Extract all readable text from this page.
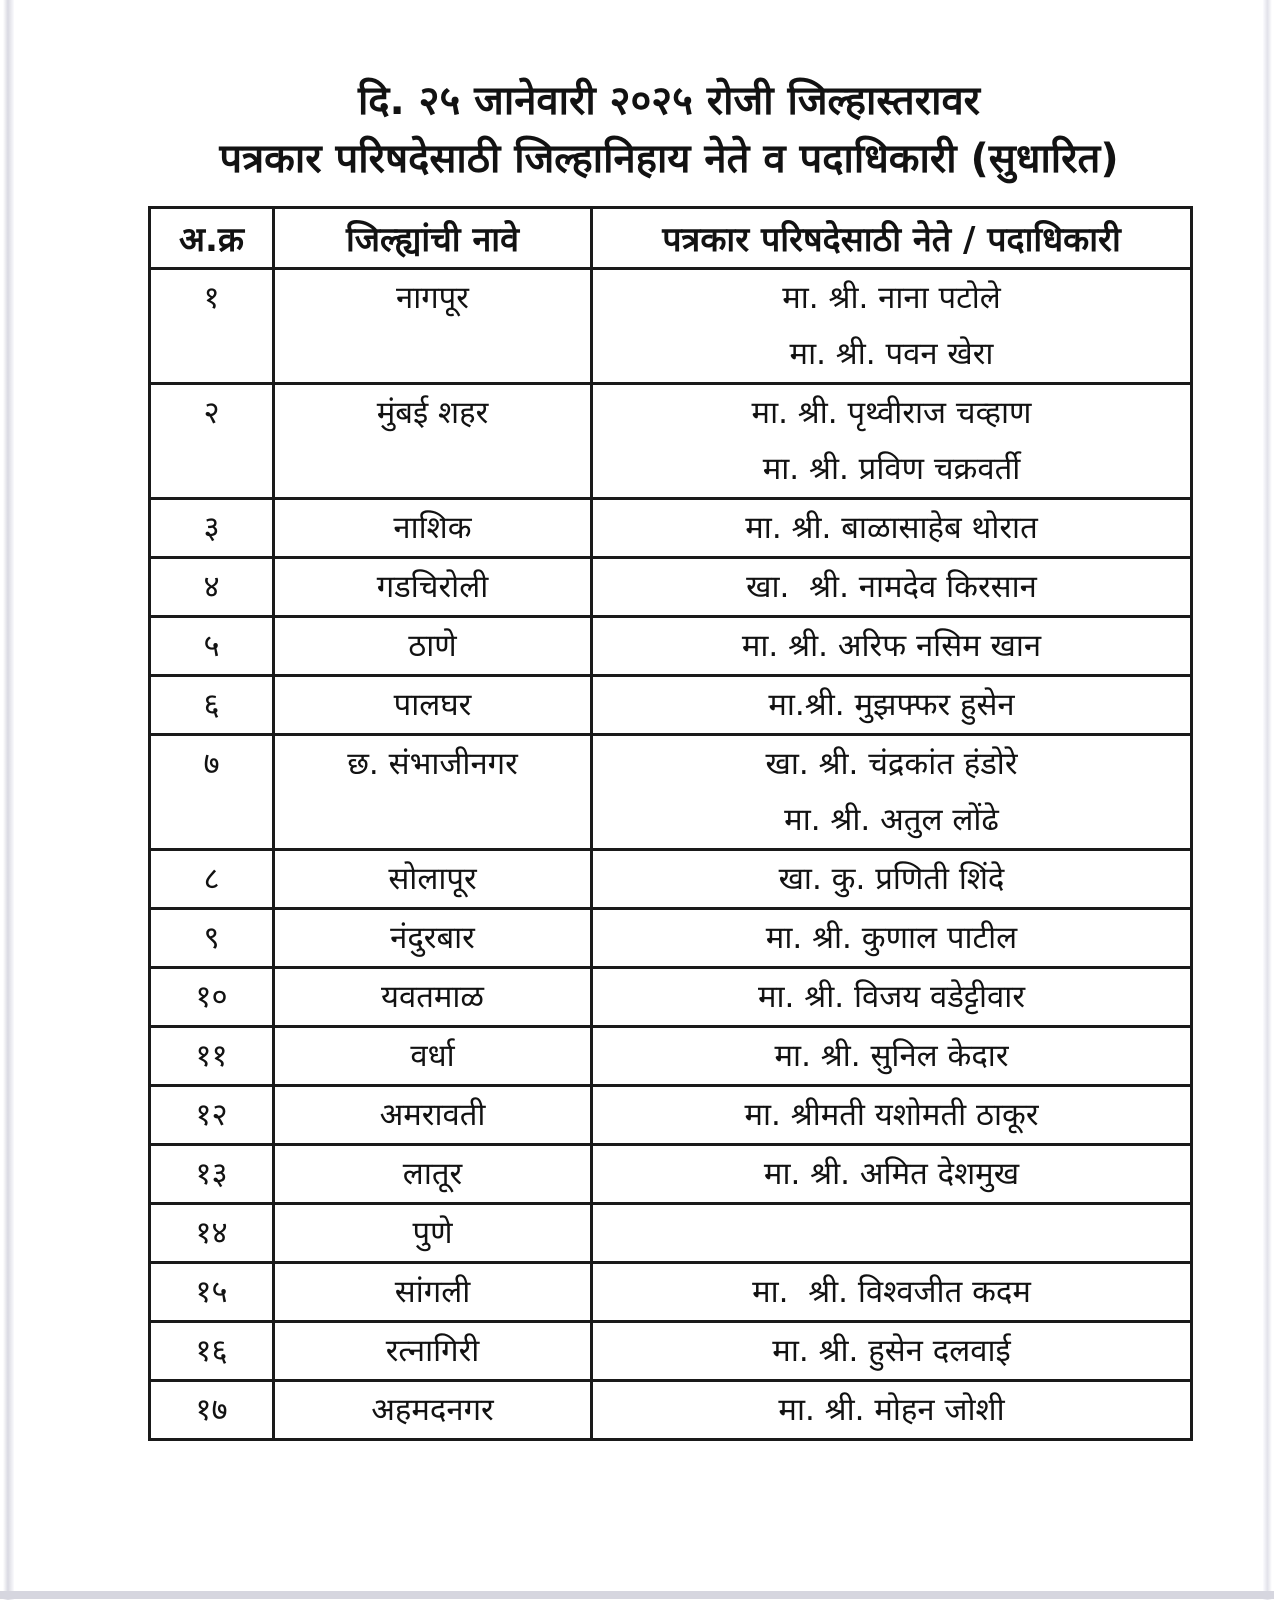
दि. २५ जानेवारी २०२५ रोजी जिल्हास्तरावर
पत्रकार परिषदेसाठी जिल्हानिहाय नेते व पदाधिकारी (सुधारित)
अ.क्र	जिल्ह्यांची नावे	पत्रकार परिषदेसाठी नेते / पदाधिकारी

१	नागपूर	मा. श्री. नाना पटोले
मा. श्री. पवन खेरा

२	मुंबई शहर	मा. श्री. पृथ्वीराज चव्हाण
मा. श्री. प्रविण चक्रवर्ती

३	नाशिक	मा. श्री. बाळासाहेब थोरात

४	गडचिरोली	खा.  श्री. नामदेव किरसान

५	ठाणे	मा. श्री. अरिफ नसिम खान

६	पालघर	मा.श्री. मुझफ्फर हुसेन

७	छ. संभाजीनगर	खा. श्री. चंद्रकांत हंडोरे
मा. श्री. अतुल लोंढे

८	सोलापूर	खा. कु. प्रणिती शिंदे

९	नंदुरबार	मा. श्री. कुणाल पाटील

१०	यवतमाळ	मा. श्री. विजय वडेट्टीवार

११	वर्धा	मा. श्री. सुनिल केदार

१२	अमरावती	मा. श्रीमती यशोमती ठाकूर

१३	लातूर	मा. श्री. अमित देशमुख

१४	पुणे	

१५	सांगली	मा.  श्री. विश्वजीत कदम

१६	रत्नागिरी	मा. श्री. हुसेन दलवाई

१७	अहमदनगर	मा. श्री. मोहन जोशी
